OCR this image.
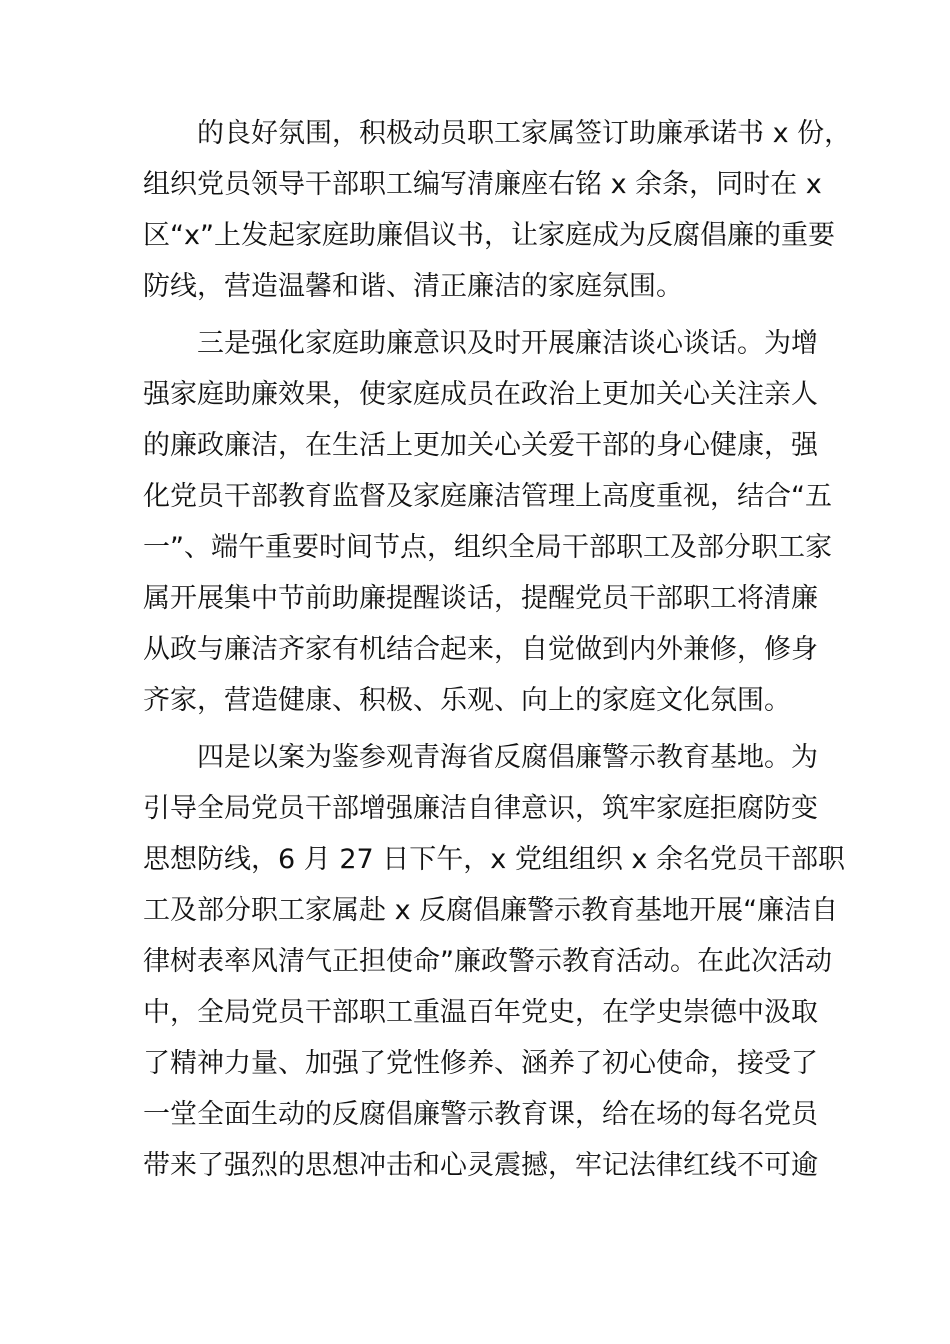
的良好氛围，积极动员职工家属签订助廉承诺书 x 份，
组织党员领导干部职工编写清廉座右铭 x 余条，同时在 x
区“x”上发起家庭助廉倡议书，让家庭成为反腐倡廉的重要
防线，营造温馨和谐、清正廉洁的家庭氛围。
三是强化家庭助廉意识及时开展廉洁谈心谈话。为增
强家庭助廉效果，使家庭成员在政治上更加关心关注亲人
的廉政廉洁，在生活上更加关心关爱干部的身心健康，强
化党员干部教育监督及家庭廉洁管理上高度重视，结合“五
一”、端午重要时间节点，组织全局干部职工及部分职工家
属开展集中节前助廉提醒谈话，提醒党员干部职工将清廉
从政与廉洁齐家有机结合起来，自觉做到内外兼修，修身
齐家，营造健康、积极、乐观、向上的家庭文化氛围。
四是以案为鉴参观青海省反腐倡廉警示教育基地。为
引导全局党员干部增强廉洁自律意识，筑牢家庭拒腐防变
思想防线，6 月 27 日下午，x 党组组织 x 余名党员干部职
工及部分职工家属赴 x 反腐倡廉警示教育基地开展“廉洁自
律树表率风清气正担使命”廉政警示教育活动。在此次活动
中，全局党员干部职工重温百年党史，在学史崇德中汲取
了精神力量、加强了党性修养、涵养了初心使命，接受了
一堂全面生动的反腐倡廉警示教育课，给在场的每名党员
带来了强烈的思想冲击和心灵震撼，牢记法律红线不可逾
